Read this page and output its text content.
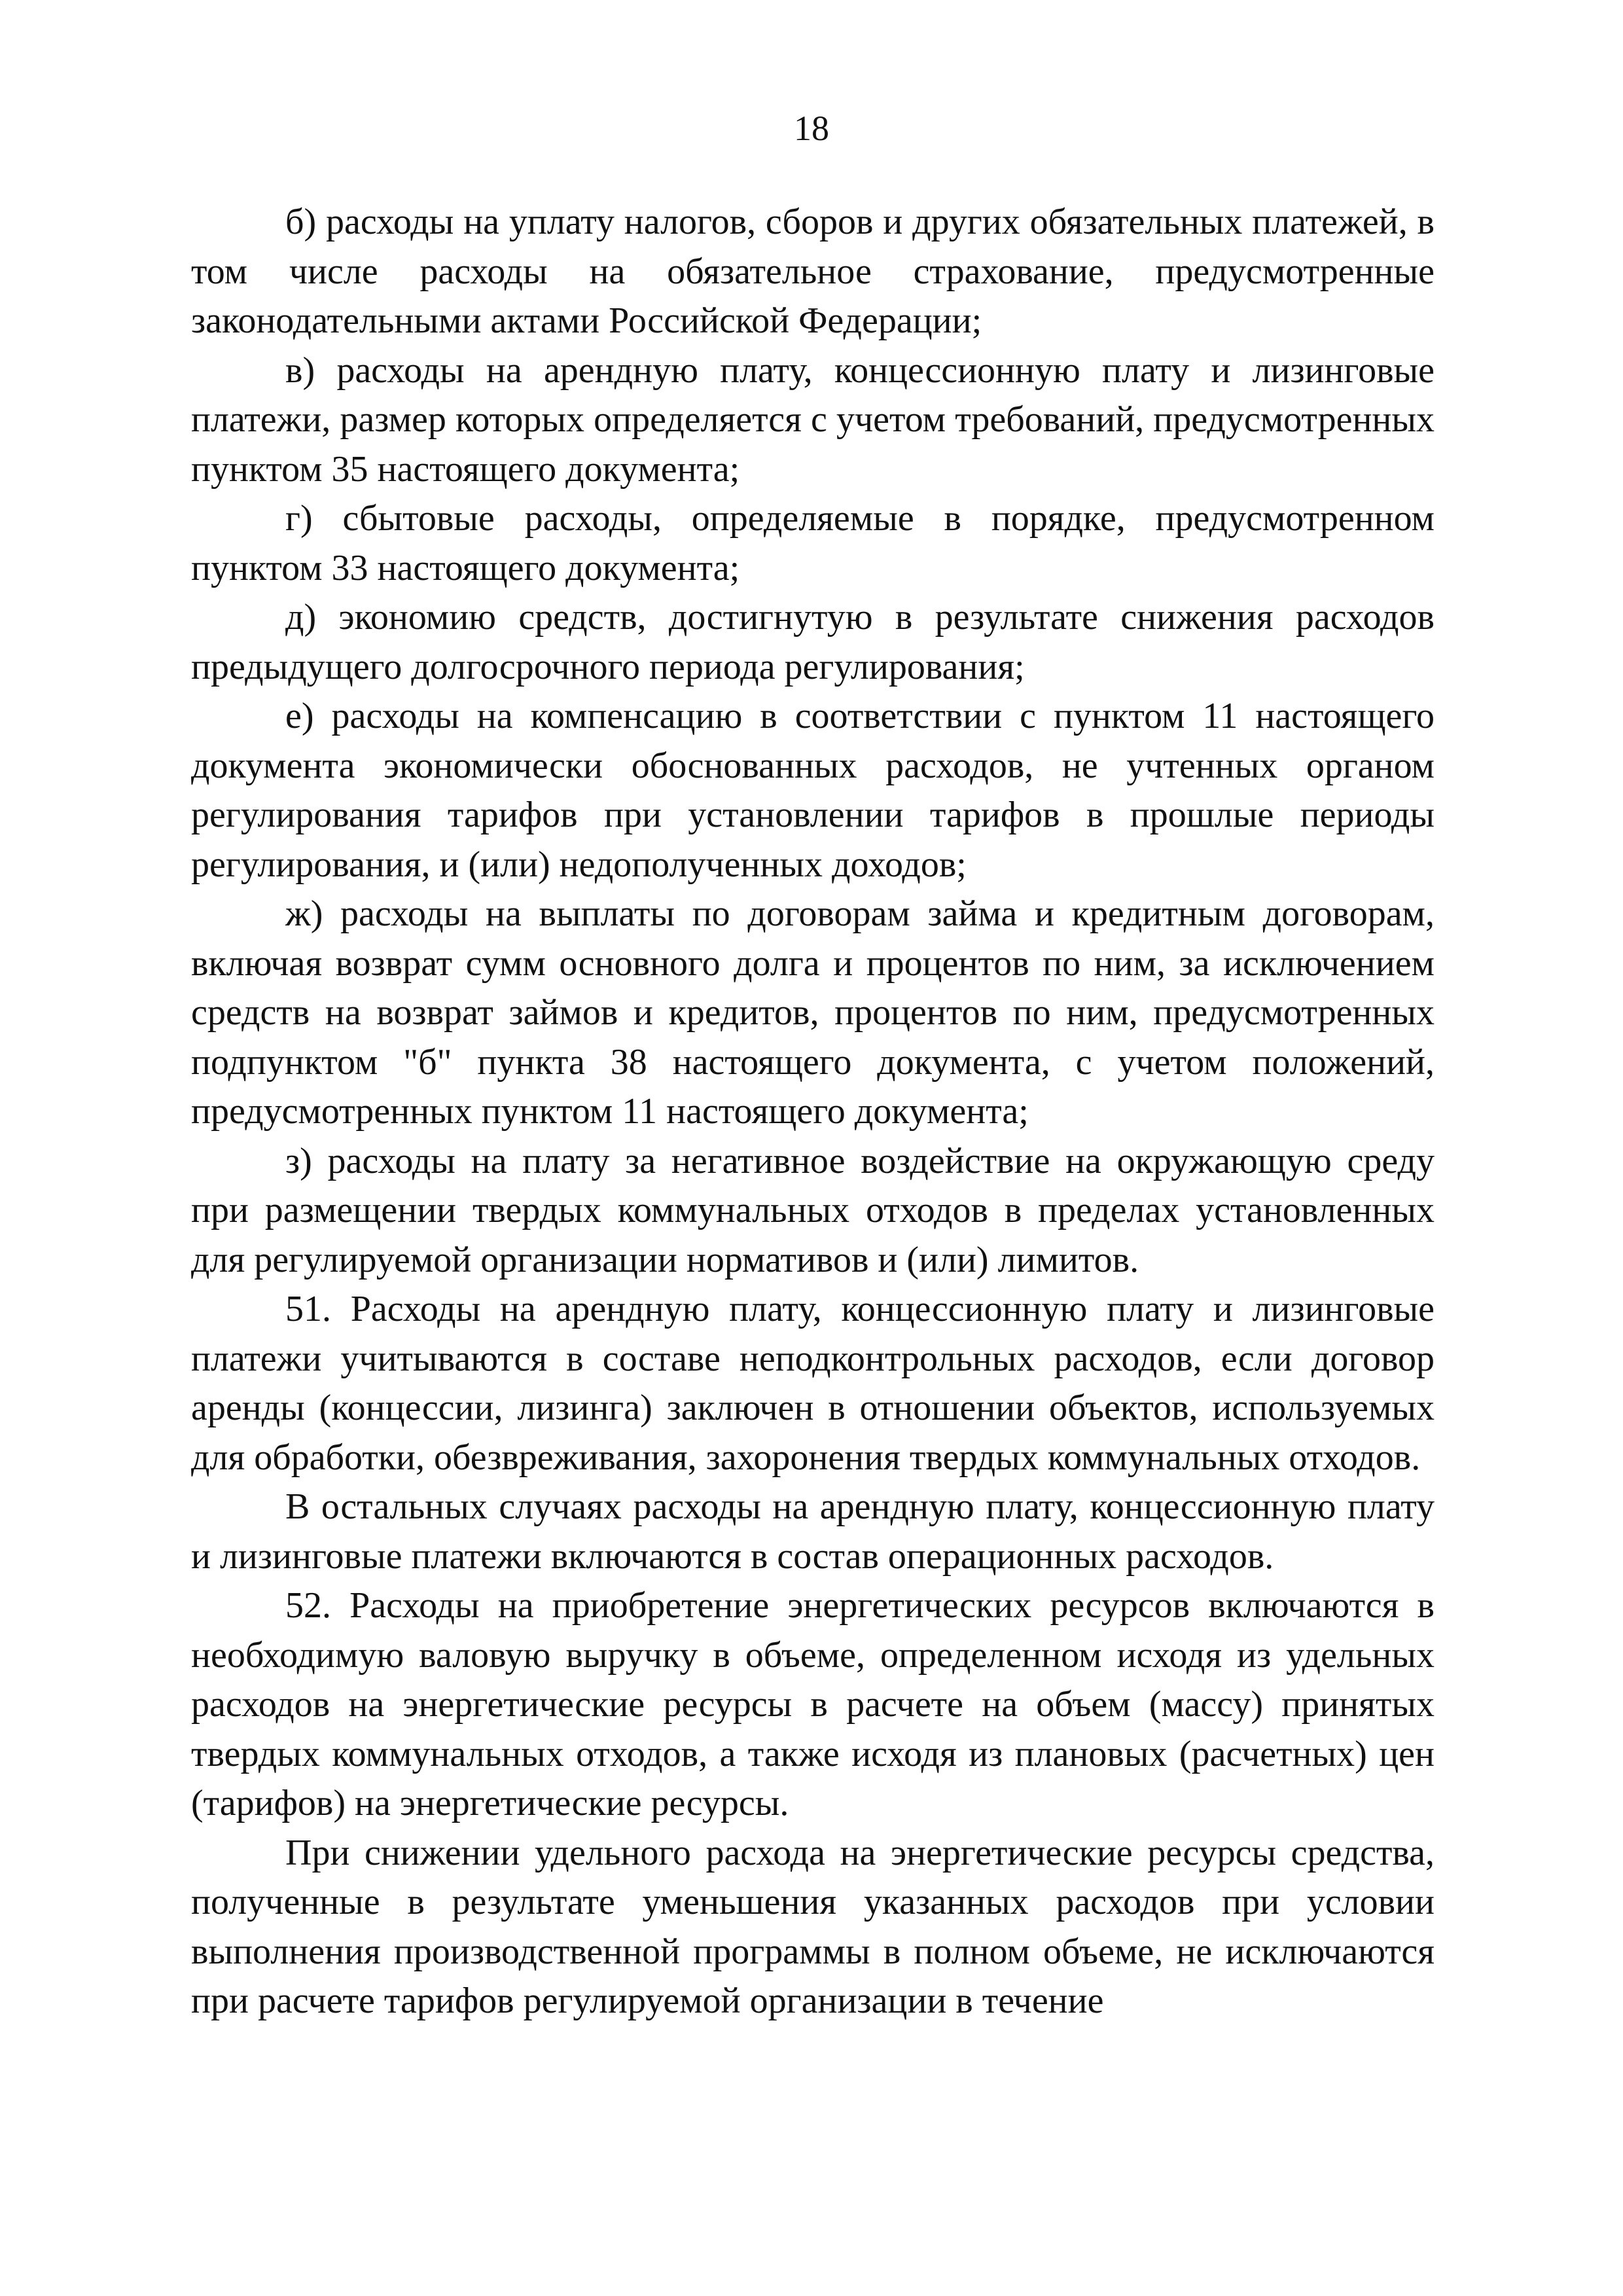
18

б) расходы на уплату налогов, сборов и других обязательных платежей, в том числе расходы на обязательное страхование, предусмотренные законодательными актами Российской Федерации;

в) расходы на арендную плату, концессионную плату и лизинговые платежи, размер которых определяется с учетом требований, предусмотренных пунктом 35 настоящего документа;

г) сбытовые расходы, определяемые в порядке, предусмотренном пунктом 33 настоящего документа;

д) экономию средств, достигнутую в результате снижения расходов предыдущего долгосрочного периода регулирования;

е) расходы на компенсацию в соответствии с пунктом 11 настоящего документа экономически обоснованных расходов, не учтенных органом регулирования тарифов при установлении тарифов в прошлые периоды регулирования, и (или) недополученных доходов;

ж) расходы на выплаты по договорам займа и кредитным договорам, включая возврат сумм основного долга и процентов по ним, за исключением средств на возврат займов и кредитов, процентов по ним, предусмотренных подпунктом "б" пункта 38 настоящего документа, с учетом положений, предусмотренных пунктом 11 настоящего документа;

з) расходы на плату за негативное воздействие на окружающую среду при размещении твердых коммунальных отходов в пределах установленных для регулируемой организации нормативов и (или) лимитов.

51. Расходы на арендную плату, концессионную плату и лизинговые платежи учитываются в составе неподконтрольных расходов, если договор аренды (концессии, лизинга) заключен в отношении объектов, используемых для обработки, обезвреживания, захоронения твердых коммунальных отходов.

В остальных случаях расходы на арендную плату, концессионную плату и лизинговые платежи включаются в состав операционных расходов.

52. Расходы на приобретение энергетических ресурсов включаются в необходимую валовую выручку в объеме, определенном исходя из удельных расходов на энергетические ресурсы в расчете на объем (массу) принятых твердых коммунальных отходов, а также исходя из плановых (расчетных) цен (тарифов) на энергетические ресурсы.

При снижении удельного расхода на энергетические ресурсы средства, полученные в результате уменьшения указанных расходов при условии выполнения производственной программы в полном объеме, не исключаются при расчете тарифов регулируемой организации в течение
